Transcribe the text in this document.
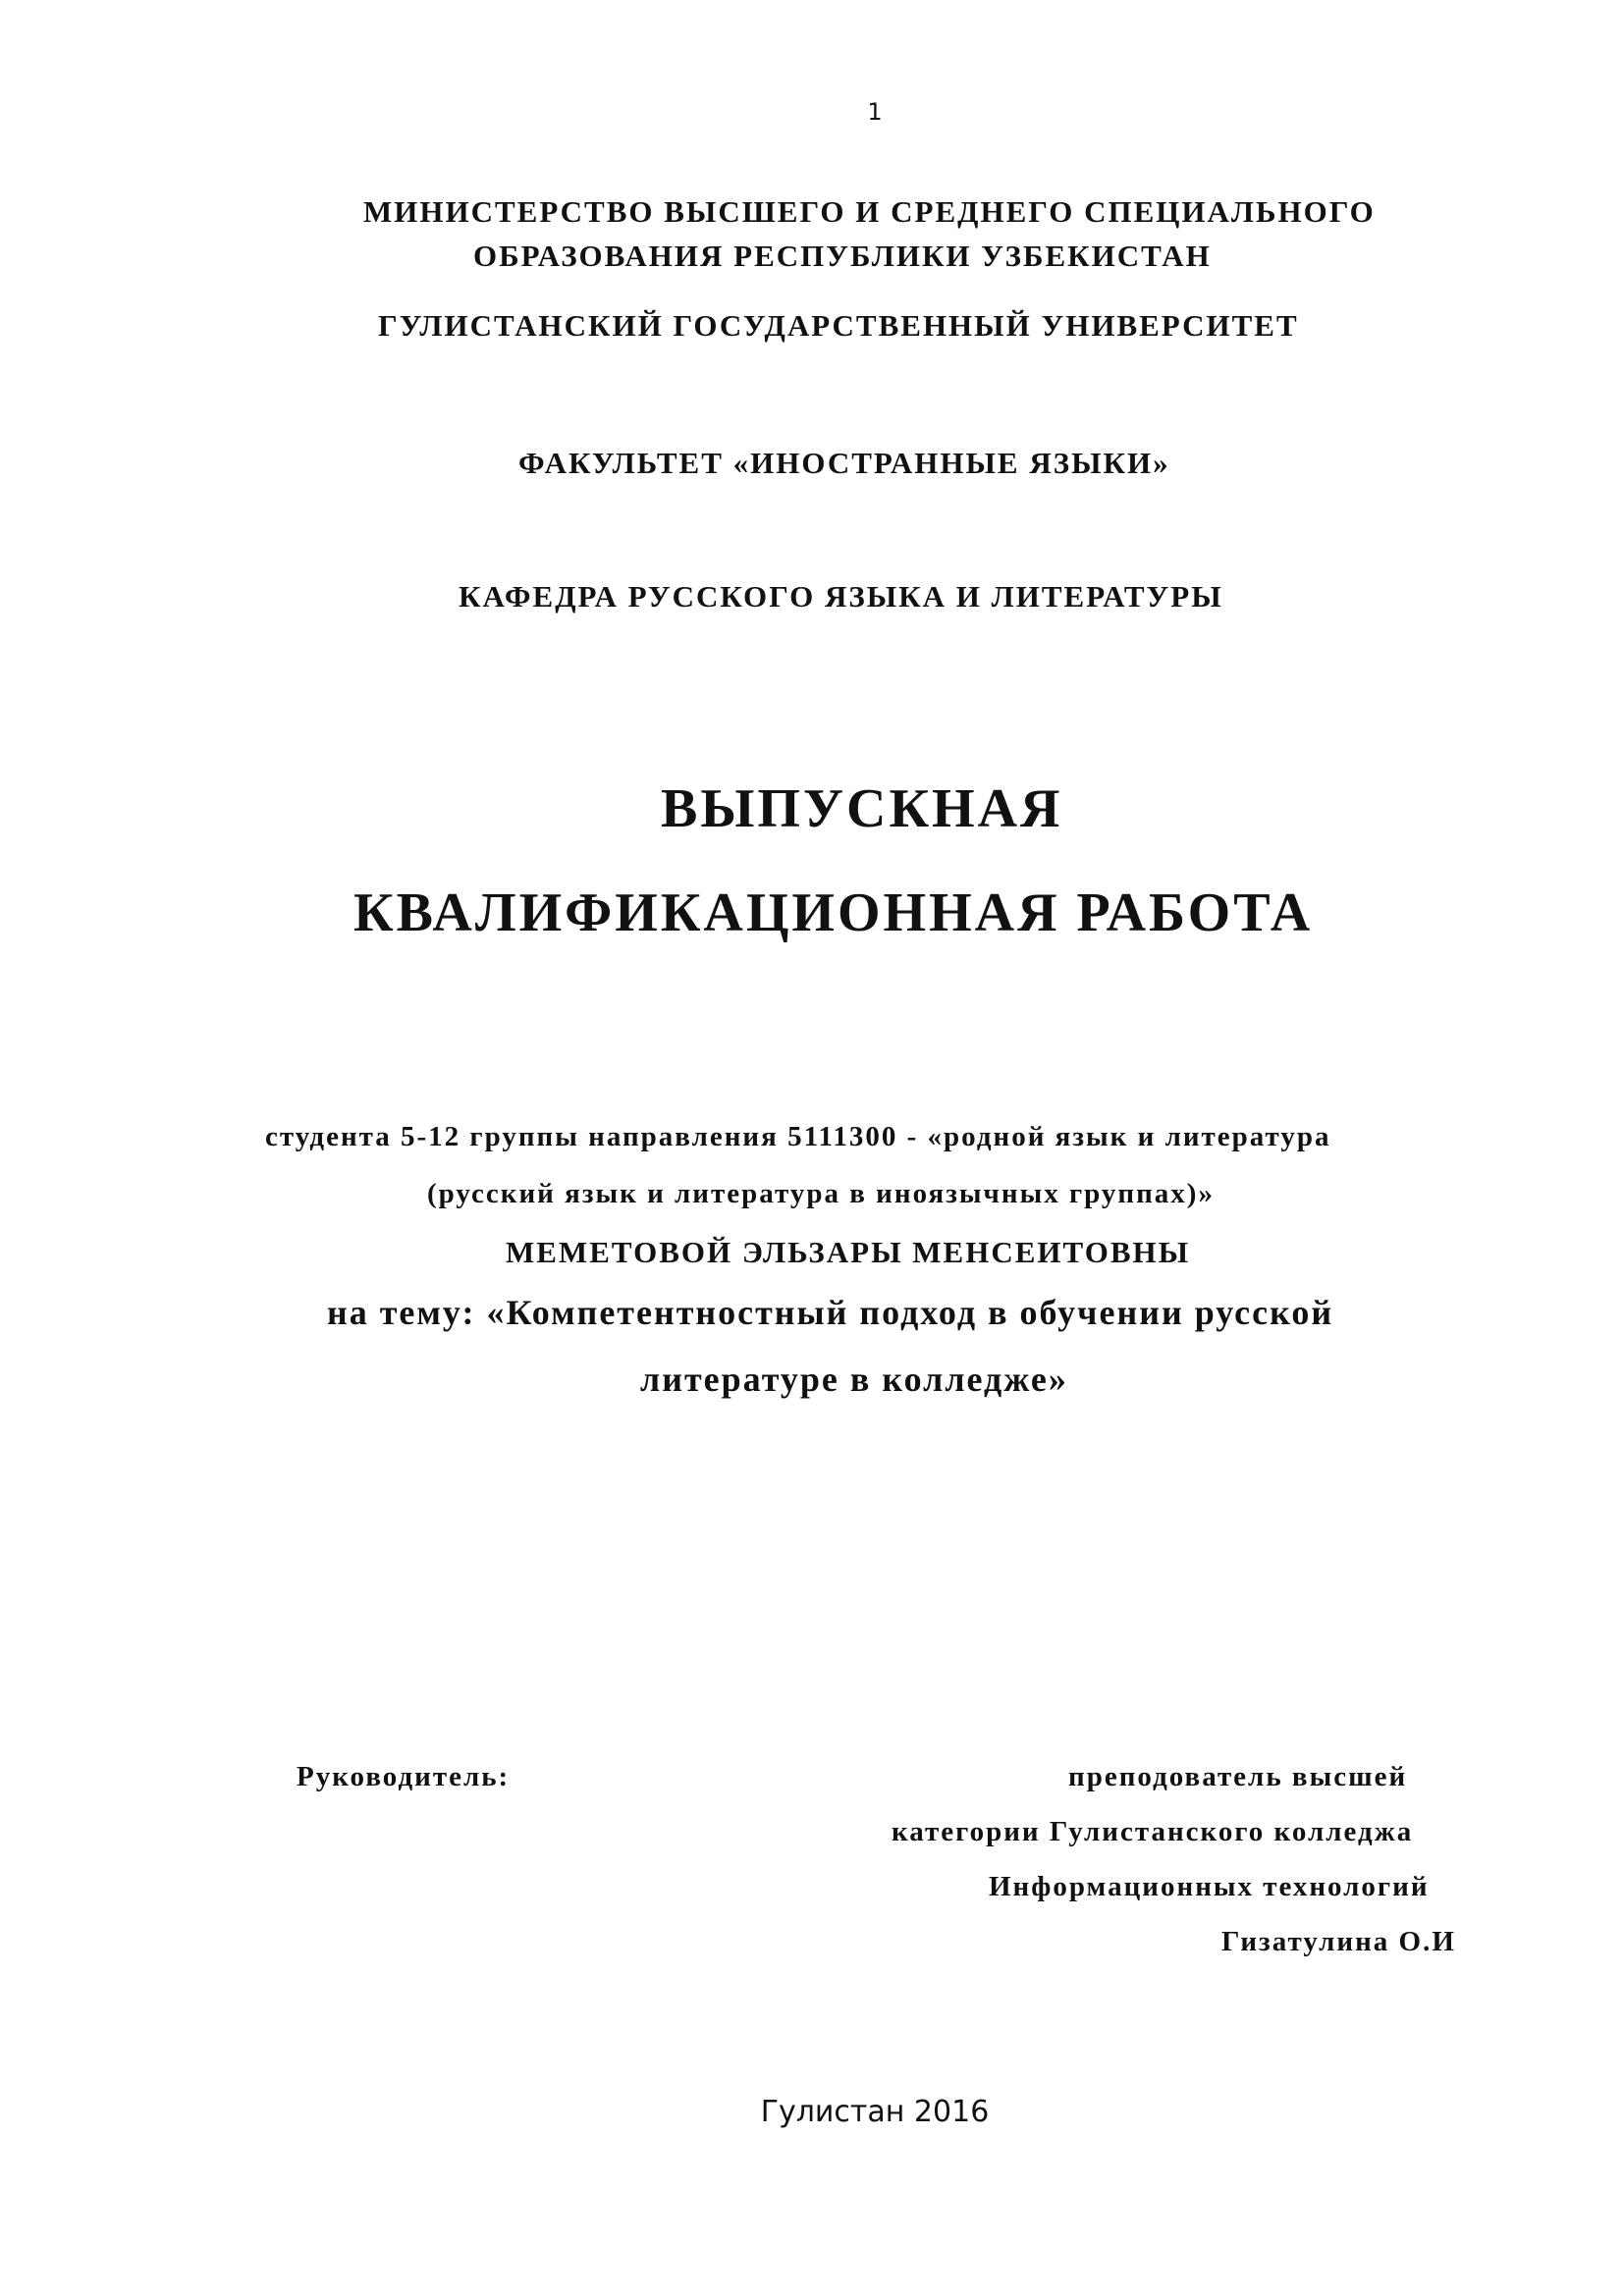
1
МИНИСТЕРСТВО ВЫСШЕГО И СРЕДНЕГО СПЕЦИАЛЬНОГО
ОБРАЗОВАНИЯ РЕСПУБЛИКИ УЗБЕКИСТАН
ГУЛИСТАНСКИЙ ГОСУДАРСТВЕННЫЙ УНИВЕРСИТЕТ
ФАКУЛЬТЕТ «ИНОСТРАННЫЕ ЯЗЫКИ»
КАФЕДРА РУССКОГО ЯЗЫКА И ЛИТЕРАТУРЫ
ВЫПУСКНАЯ
КВАЛИФИКАЦИОННАЯ РАБОТА
студента 5-12 группы направления 5111300 - «родной язык и литература
(русский язык и литература в иноязычных группах)»
МЕМЕТОВОЙ ЭЛЬЗАРЫ МЕНСЕИТОВНЫ
на тему: «Компетентностный подход в обучении русской
литературе в колледже»
Руководитель:	преподователь высшей
категории Гулистанского колледжа
Информационных технологий
Гизатулина О.И
Гулистан 2016
